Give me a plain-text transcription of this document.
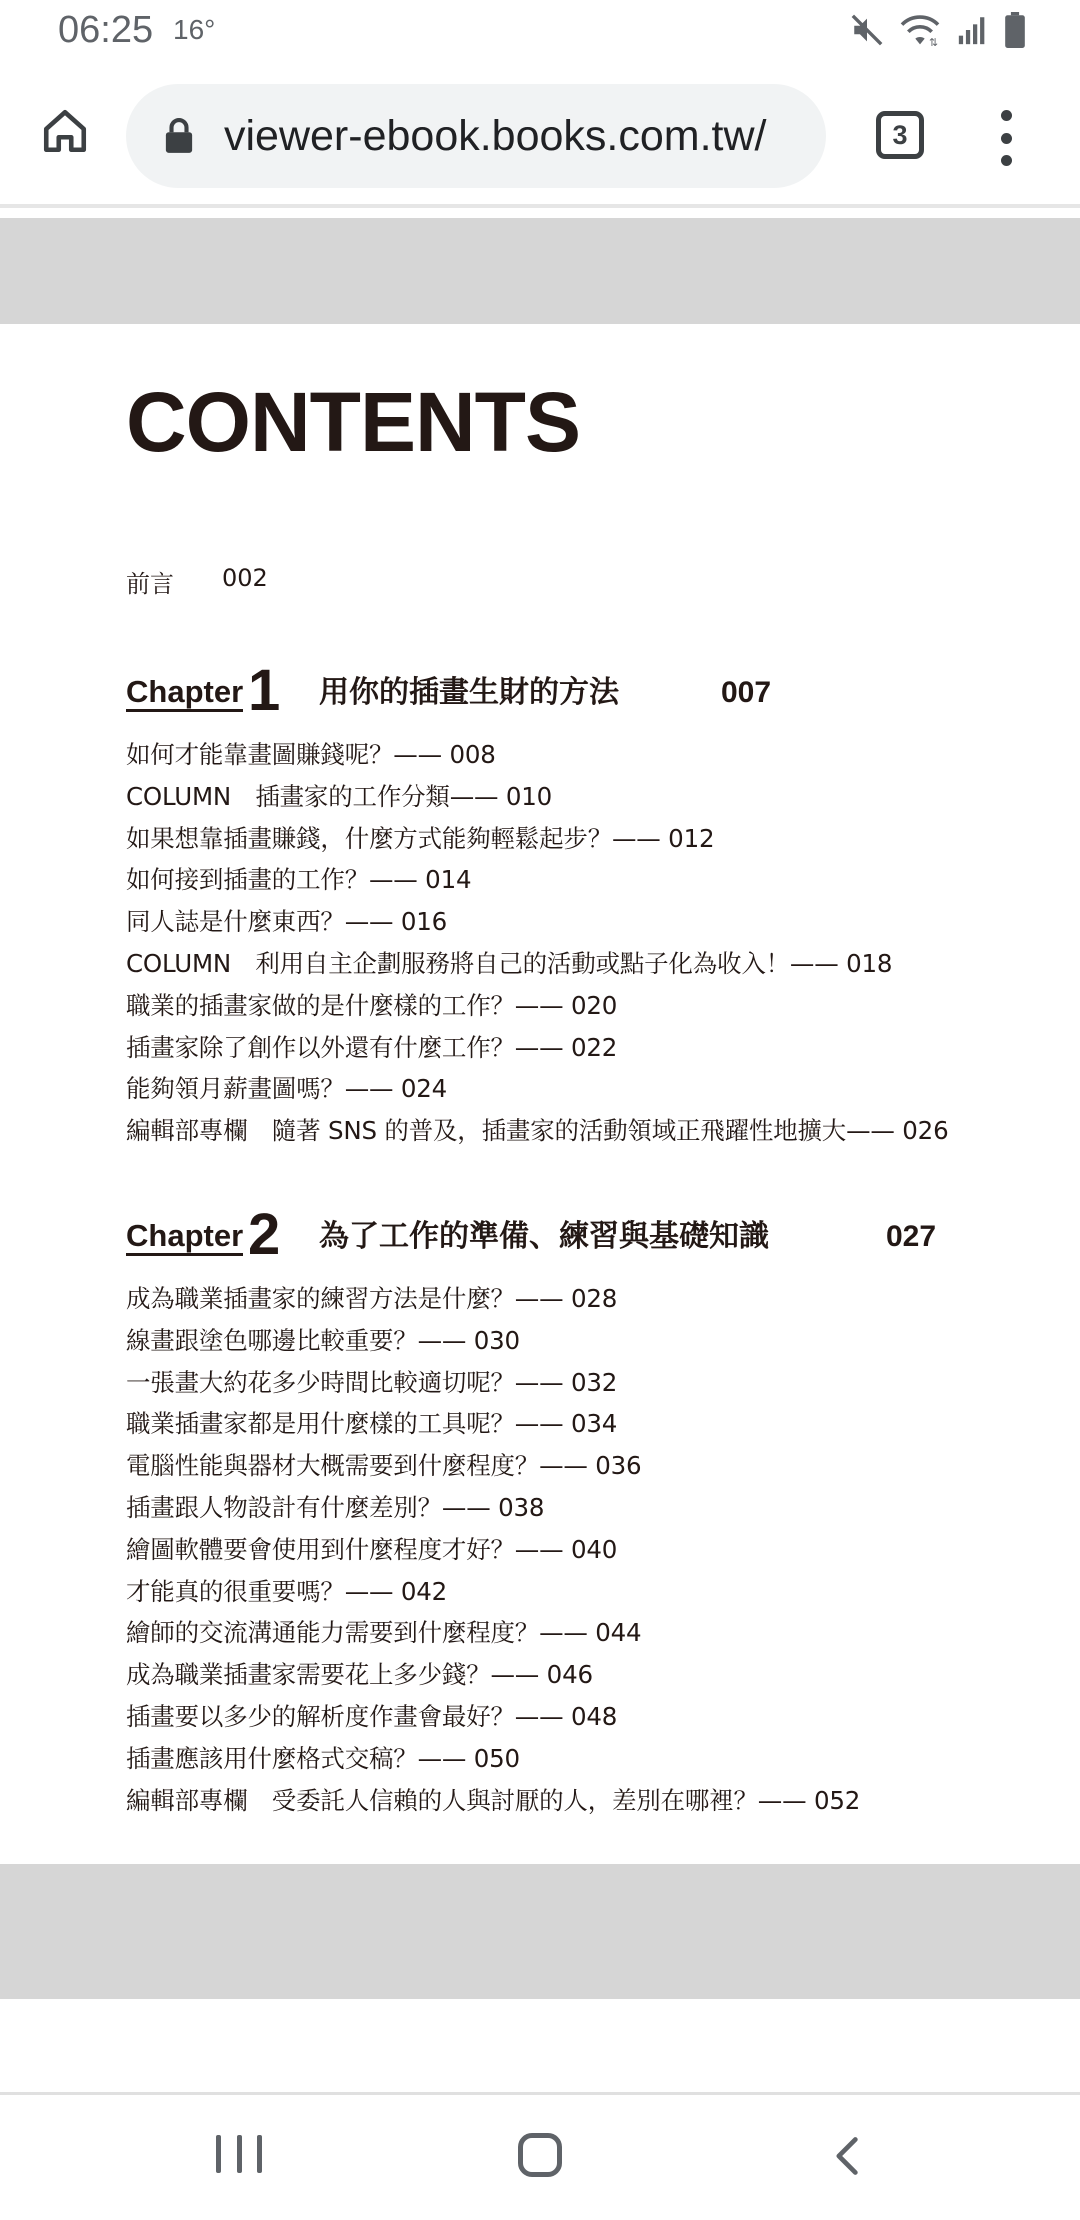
06:25 16°	⇅
viewer-ebook.books.com.tw/	3
CONTENTS
前言 002
Chapter 1 用你的插畫生財的方法	007
如何才能靠畫圖賺錢呢？—— 008
COLUMN　插畫家的工作分類—— 010
如果想靠插畫賺錢，什麼方式能夠輕鬆起步？—— 012
如何接到插畫的工作？—— 014
同人誌是什麼東西？—— 016
COLUMN　利用自主企劃服務將自己的活動或點子化為收入！—— 018
職業的插畫家做的是什麼樣的工作？—— 020
插畫家除了創作以外還有什麼工作？—— 022
能夠領月薪畫圖嗎？—— 024
編輯部專欄　隨著 SNS 的普及，插畫家的活動領域正飛躍性地擴大—— 026
Chapter 2 為了工作的準備、練習與基礎知識	027
成為職業插畫家的練習方法是什麼？—— 028
線畫跟塗色哪邊比較重要？—— 030
一張畫大約花多少時間比較適切呢？—— 032
職業插畫家都是用什麼樣的工具呢？—— 034
電腦性能與器材大概需要到什麼程度？—— 036
插畫跟人物設計有什麼差別？—— 038
繪圖軟體要會使用到什麼程度才好？—— 040
才能真的很重要嗎？—— 042
繪師的交流溝通能力需要到什麼程度？—— 044
成為職業插畫家需要花上多少錢？—— 046
插畫要以多少的解析度作畫會最好？—— 048
插畫應該用什麼格式交稿？—— 050
編輯部專欄　受委託人信賴的人與討厭的人，差別在哪裡？—— 052
